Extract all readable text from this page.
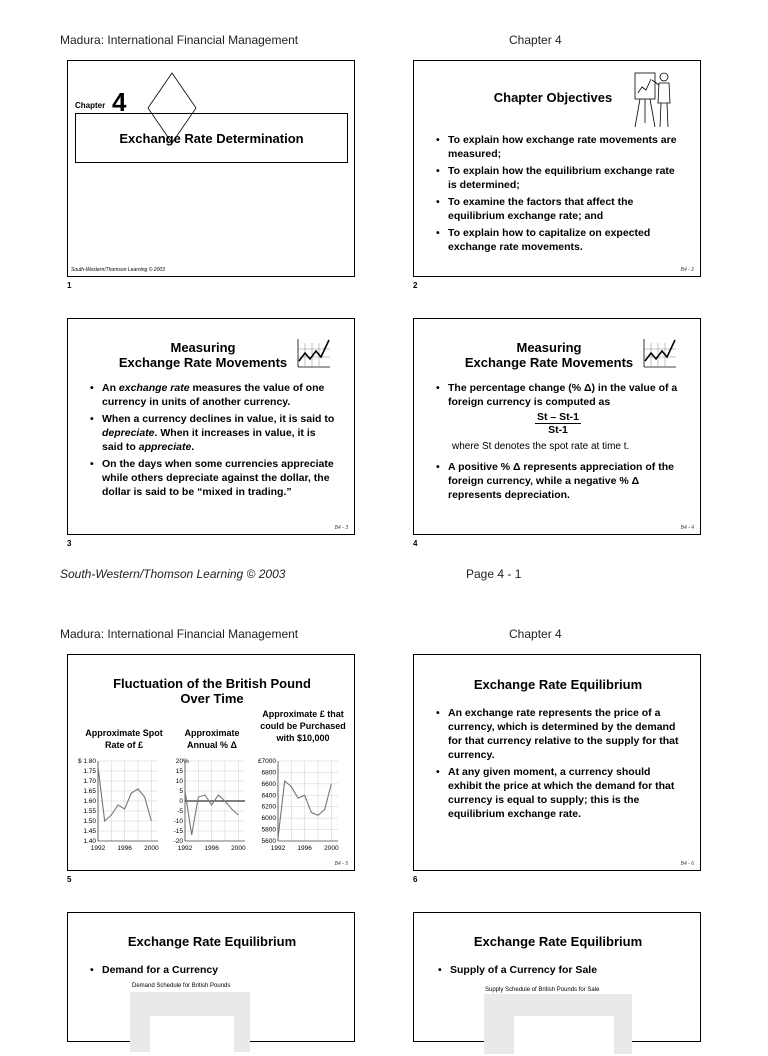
Madura: International Financial Management	Chapter 4
Chapter 4
Exchange Rate Determination
South-Western/Thomson Learning © 2003
1
Chapter Objectives
• To explain how exchange rate movements are measured;
• To explain how the equilibrium exchange rate is determined;
• To examine the factors that affect the equilibrium exchange rate; and
• To explain how to capitalize on expected exchange rate movements.
B4 - 2
2
Measuring
Exchange Rate Movements
• An exchange rate measures the value of one currency in units of another currency.
• When a currency declines in value, it is said to depreciate. When it increases in value, it is said to appreciate.
• On the days when some currencies appreciate while others depreciate against the dollar, the dollar is said to be “mixed in trading.”
B4 - 3
3
Measuring
Exchange Rate Movements
• The percentage change (% Δ) in the value of a foreign currency is computed as
$\frac{St - St-1}{St-1}$
where St denotes the spot rate at time t.
• A positive % Δ represents appreciation of the foreign currency, while a negative % Δ represents depreciation.
B4 - 4
4
South-Western/Thomson Learning © 2003	Page 4 - 1
Madura: International Financial Management	Chapter 4
Fluctuation of the British Pound
Over Time
Approximate Spot Rate of £
Approximate Annual % Δ
Approximate £ that could be Purchased with $10,000
1.80
1.75
1.70
1.65
1.60
1.55
1.50
1.45
1.40
$
1992 1996 2000
20
15
10
5
0
-5
-10
-15
-20
%
1992 1996 2000
7000
6800
6600
6400
6200
6000
5800
5600
£
1992 1996 2000
B4 - 5
5
Exchange Rate Equilibrium
• An exchange rate represents the price of a currency, which is determined by the demand for that currency relative to the supply for that currency.
• At any given moment, a currency should exhibit the price at which the demand for that currency is equal to supply; this is the equilibrium exchange rate.
B4 - 6
6
Exchange Rate Equilibrium
• Demand for a Currency
Demand Schedule for British Pounds
Exchange Rate Equilibrium
• Supply of a Currency for Sale
Supply Schedule of British Pounds for Sale
